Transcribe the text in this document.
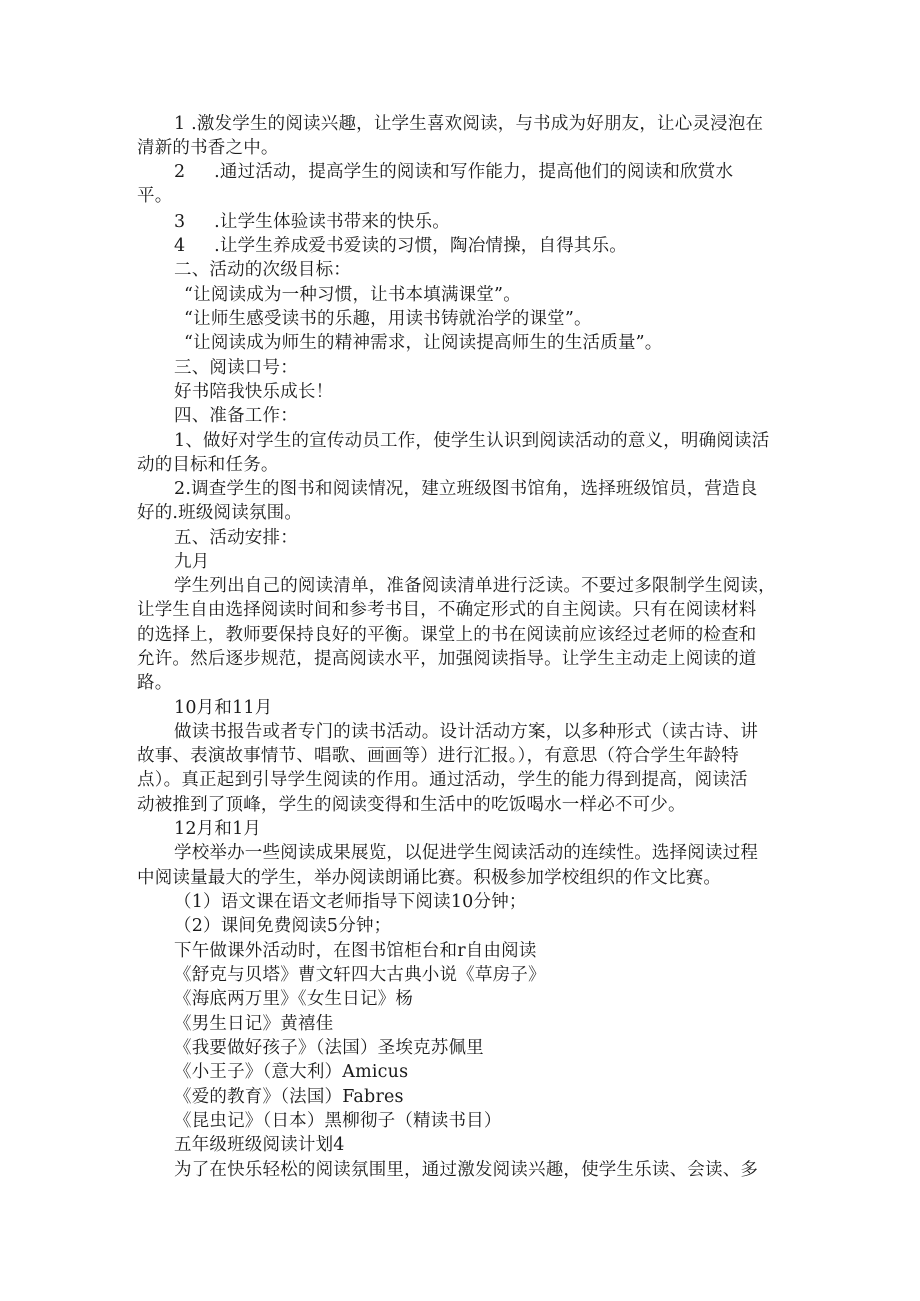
1 .激发学生的阅读兴趣，让学生喜欢阅读，与书成为好朋友，让心灵浸泡在
清新的书香之中。
2     .通过活动，提高学生的阅读和写作能力，提高他们的阅读和欣赏水
平。
3     .让学生体验读书带来的快乐。
4     .让学生养成爱书爱读的习惯，陶冶情操，自得其乐。
二、活动的次级目标：
“让阅读成为一种习惯，让书本填满课堂”。
“让师生感受读书的乐趣，用读书铸就治学的课堂”。
“让阅读成为师生的精神需求，让阅读提高师生的生活质量”。
三、阅读口号：
好书陪我快乐成长！
四、准备工作：
1、做好对学生的宣传动员工作，使学生认识到阅读活动的意义，明确阅读活
动的目标和任务。
2.调查学生的图书和阅读情况，建立班级图书馆角，选择班级馆员，营造良
好的.班级阅读氛围。
五、活动安排：
九月
学生列出自己的阅读清单，准备阅读清单进行泛读。不要过多限制学生阅读，
让学生自由选择阅读时间和参考书目，不确定形式的自主阅读。只有在阅读材料
的选择上，教师要保持良好的平衡。课堂上的书在阅读前应该经过老师的检查和
允许。然后逐步规范，提高阅读水平，加强阅读指导。让学生主动走上阅读的道
路。
10月和11月
做读书报告或者专门的读书活动。设计活动方案，以多种形式（读古诗、讲
故事、表演故事情节、唱歌、画画等）进行汇报。），有意思（符合学生年龄特
点）。真正起到引导学生阅读的作用。通过活动，学生的能力得到提高，阅读活
动被推到了顶峰，学生的阅读变得和生活中的吃饭喝水一样必不可少。
12月和1月
学校举办一些阅读成果展览，以促进学生阅读活动的连续性。选择阅读过程
中阅读量最大的学生，举办阅读朗诵比赛。积极参加学校组织的作文比赛。
（1）语文课在语文老师指导下阅读10分钟；
（2）课间免费阅读5分钟；
下午做课外活动时，在图书馆柜台和r自由阅读
《舒克与贝塔》曹文轩四大古典小说《草房子》
《海底两万里》《女生日记》杨
《男生日记》黄禧佳
《我要做好孩子》（法国）圣埃克苏佩里
《小王子》（意大利）Amicus
《爱的教育》（法国）Fabres
《昆虫记》（日本）黑柳彻子（精读书目）
五年级班级阅读计划4
为了在快乐轻松的阅读氛围里，通过激发阅读兴趣，使学生乐读、会读、多
